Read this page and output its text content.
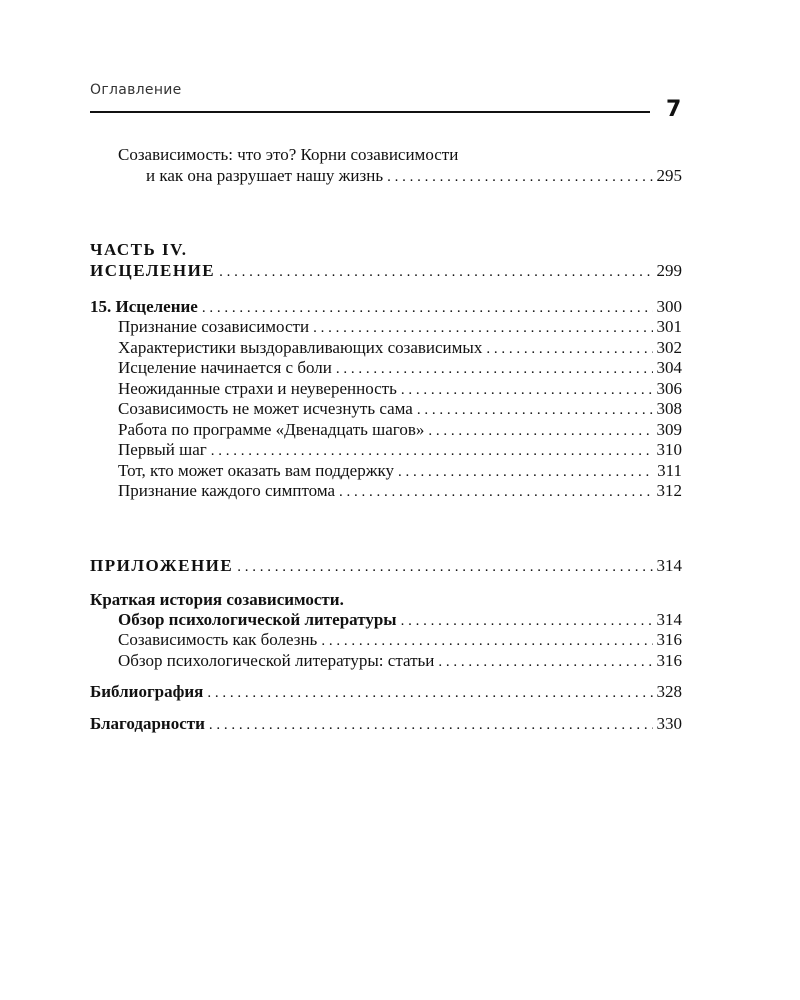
Оглавление
7
Созависимость: что это? Корни созависимости
и как она разрушает нашу жизнь . . .	295
ЧАСТЬ IV.
ИСЦЕЛЕНИЕ . . .	299
15. Исцеление . . .	300
Признание созависимости . . .	301
Характеристики выздоравливающих созависимых . . .	302
Исцеление начинается с боли . . .	304
Неожиданные страхи и неуверенность . . .	306
Созависимость не может исчезнуть сама . . .	308
Работа по программе «Двенадцать шагов» . . .	309
Первый шаг . . .	310
Тот, кто может оказать вам поддержку . . .	311
Признание каждого симптома . . .	312
ПРИЛОЖЕНИЕ . . .	314
Краткая история созависимости.
Обзор психологической литературы . . .	314
Созависимость как болезнь . . .	316
Обзор психологической литературы: статьи . . .	316
Библиография . . .	328
Благодарности . . .	330
